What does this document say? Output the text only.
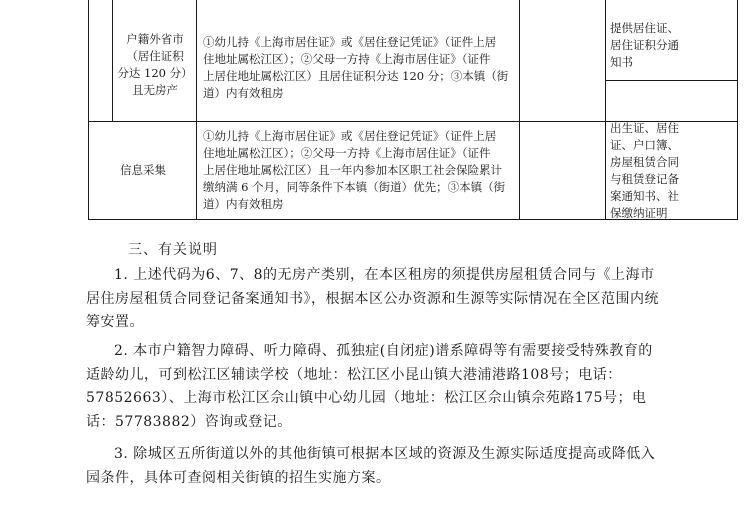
户籍外省市
（居住证积
分达 120 分）
且无房产
①幼儿持《上海市居住证》或《居住登记凭证》（证件上居
住地址属松江区）；②父母一方持《上海市居住证》（证件
上居住地址属松江区）且居住证积分达 120 分；③本镇（街
道）内有效租房
提供居住证、
居住证积分通
知书
信息采集
①幼儿持《上海市居住证》或《居住登记凭证》（证件上居
住地址属松江区）；②父母一方持《上海市居住证》（证件
上居住地址属松江区）且一年内参加本区职工社会保险累计
缴纳满 6 个月，同等条件下本镇（街道）优先；③本镇（街
道）内有效租房
出生证、居住
证、户口簿、
房屋租赁合同
与租赁登记备
案通知书、社
保缴纳证明
三、有关说明
1. 上述代码为6、7、8的无房产类别，在本区租房的须提供房屋租赁合同与《上海市居住房屋租赁合同登记备案通知书》，根据本区公办资源和生源等实际情况在全区范围内统筹安置。
2. 本市户籍智力障碍、听力障碍、孤独症(自闭症)谱系障碍等有需要接受特殊教育的适龄幼儿，可到松江区辅读学校（地址：松江区小昆山镇大港浦港路108号；电话：57852663）、上海市松江区佘山镇中心幼儿园（地址：松江区佘山镇佘苑路175号；电话：57783882）咨询或登记。
3. 除城区五所街道以外的其他街镇可根据本区域的资源及生源实际适度提高或降低入园条件，具体可查阅相关街镇的招生实施方案。
